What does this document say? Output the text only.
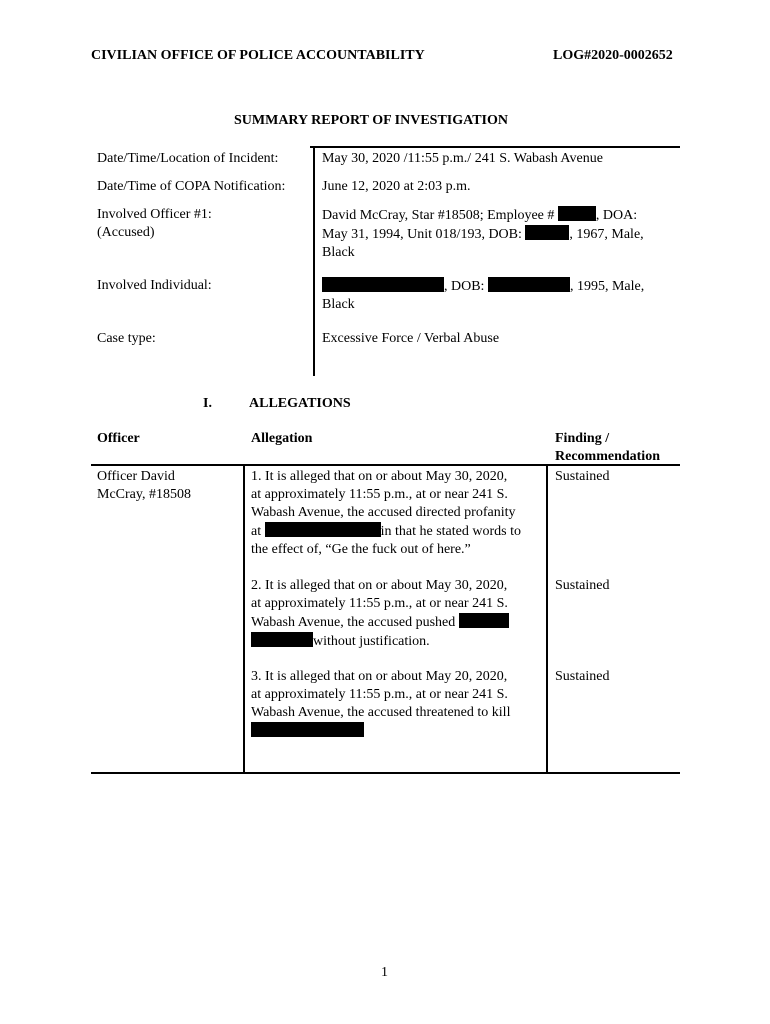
CIVILIAN OFFICE OF POLICE ACCOUNTABILITY	LOG#2020-0002652
SUMMARY REPORT OF INVESTIGATION
Date/Time/Location of Incident:	May 30, 2020 /11:55 p.m./ 241 S. Wabash Avenue
Date/Time of COPA Notification:	June 12, 2020 at 2:03 p.m.
Involved Officer #1:
(Accused)
David McCray, Star #18508; Employee #	, DOA:
May 31, 1994, Unit 018/193, DOB:	, 1967, Male,
Black
Involved Individual:	, DOB:	, 1995, Male,
Black
Case type:	Excessive Force / Verbal Abuse
I.	ALLEGATIONS
Officer	Allegation	Finding /
Recommendation
Officer David
McCray, #18508
1. It is alleged that on or about May 30, 2020,
at approximately 11:55 p.m., at or near 241 S.
Wabash Avenue, the accused directed profanity
at	in that he stated words to
the effect of, “Ge the fuck out of here.”
Sustained
2. It is alleged that on or about May 30, 2020,
at approximately 11:55 p.m., at or near 241 S.
Wabash Avenue, the accused pushed
without justification.
Sustained
3. It is alleged that on or about May 20, 2020,
at approximately 11:55 p.m., at or near 241 S.
Wabash Avenue, the accused threatened to kill
Sustained
1
